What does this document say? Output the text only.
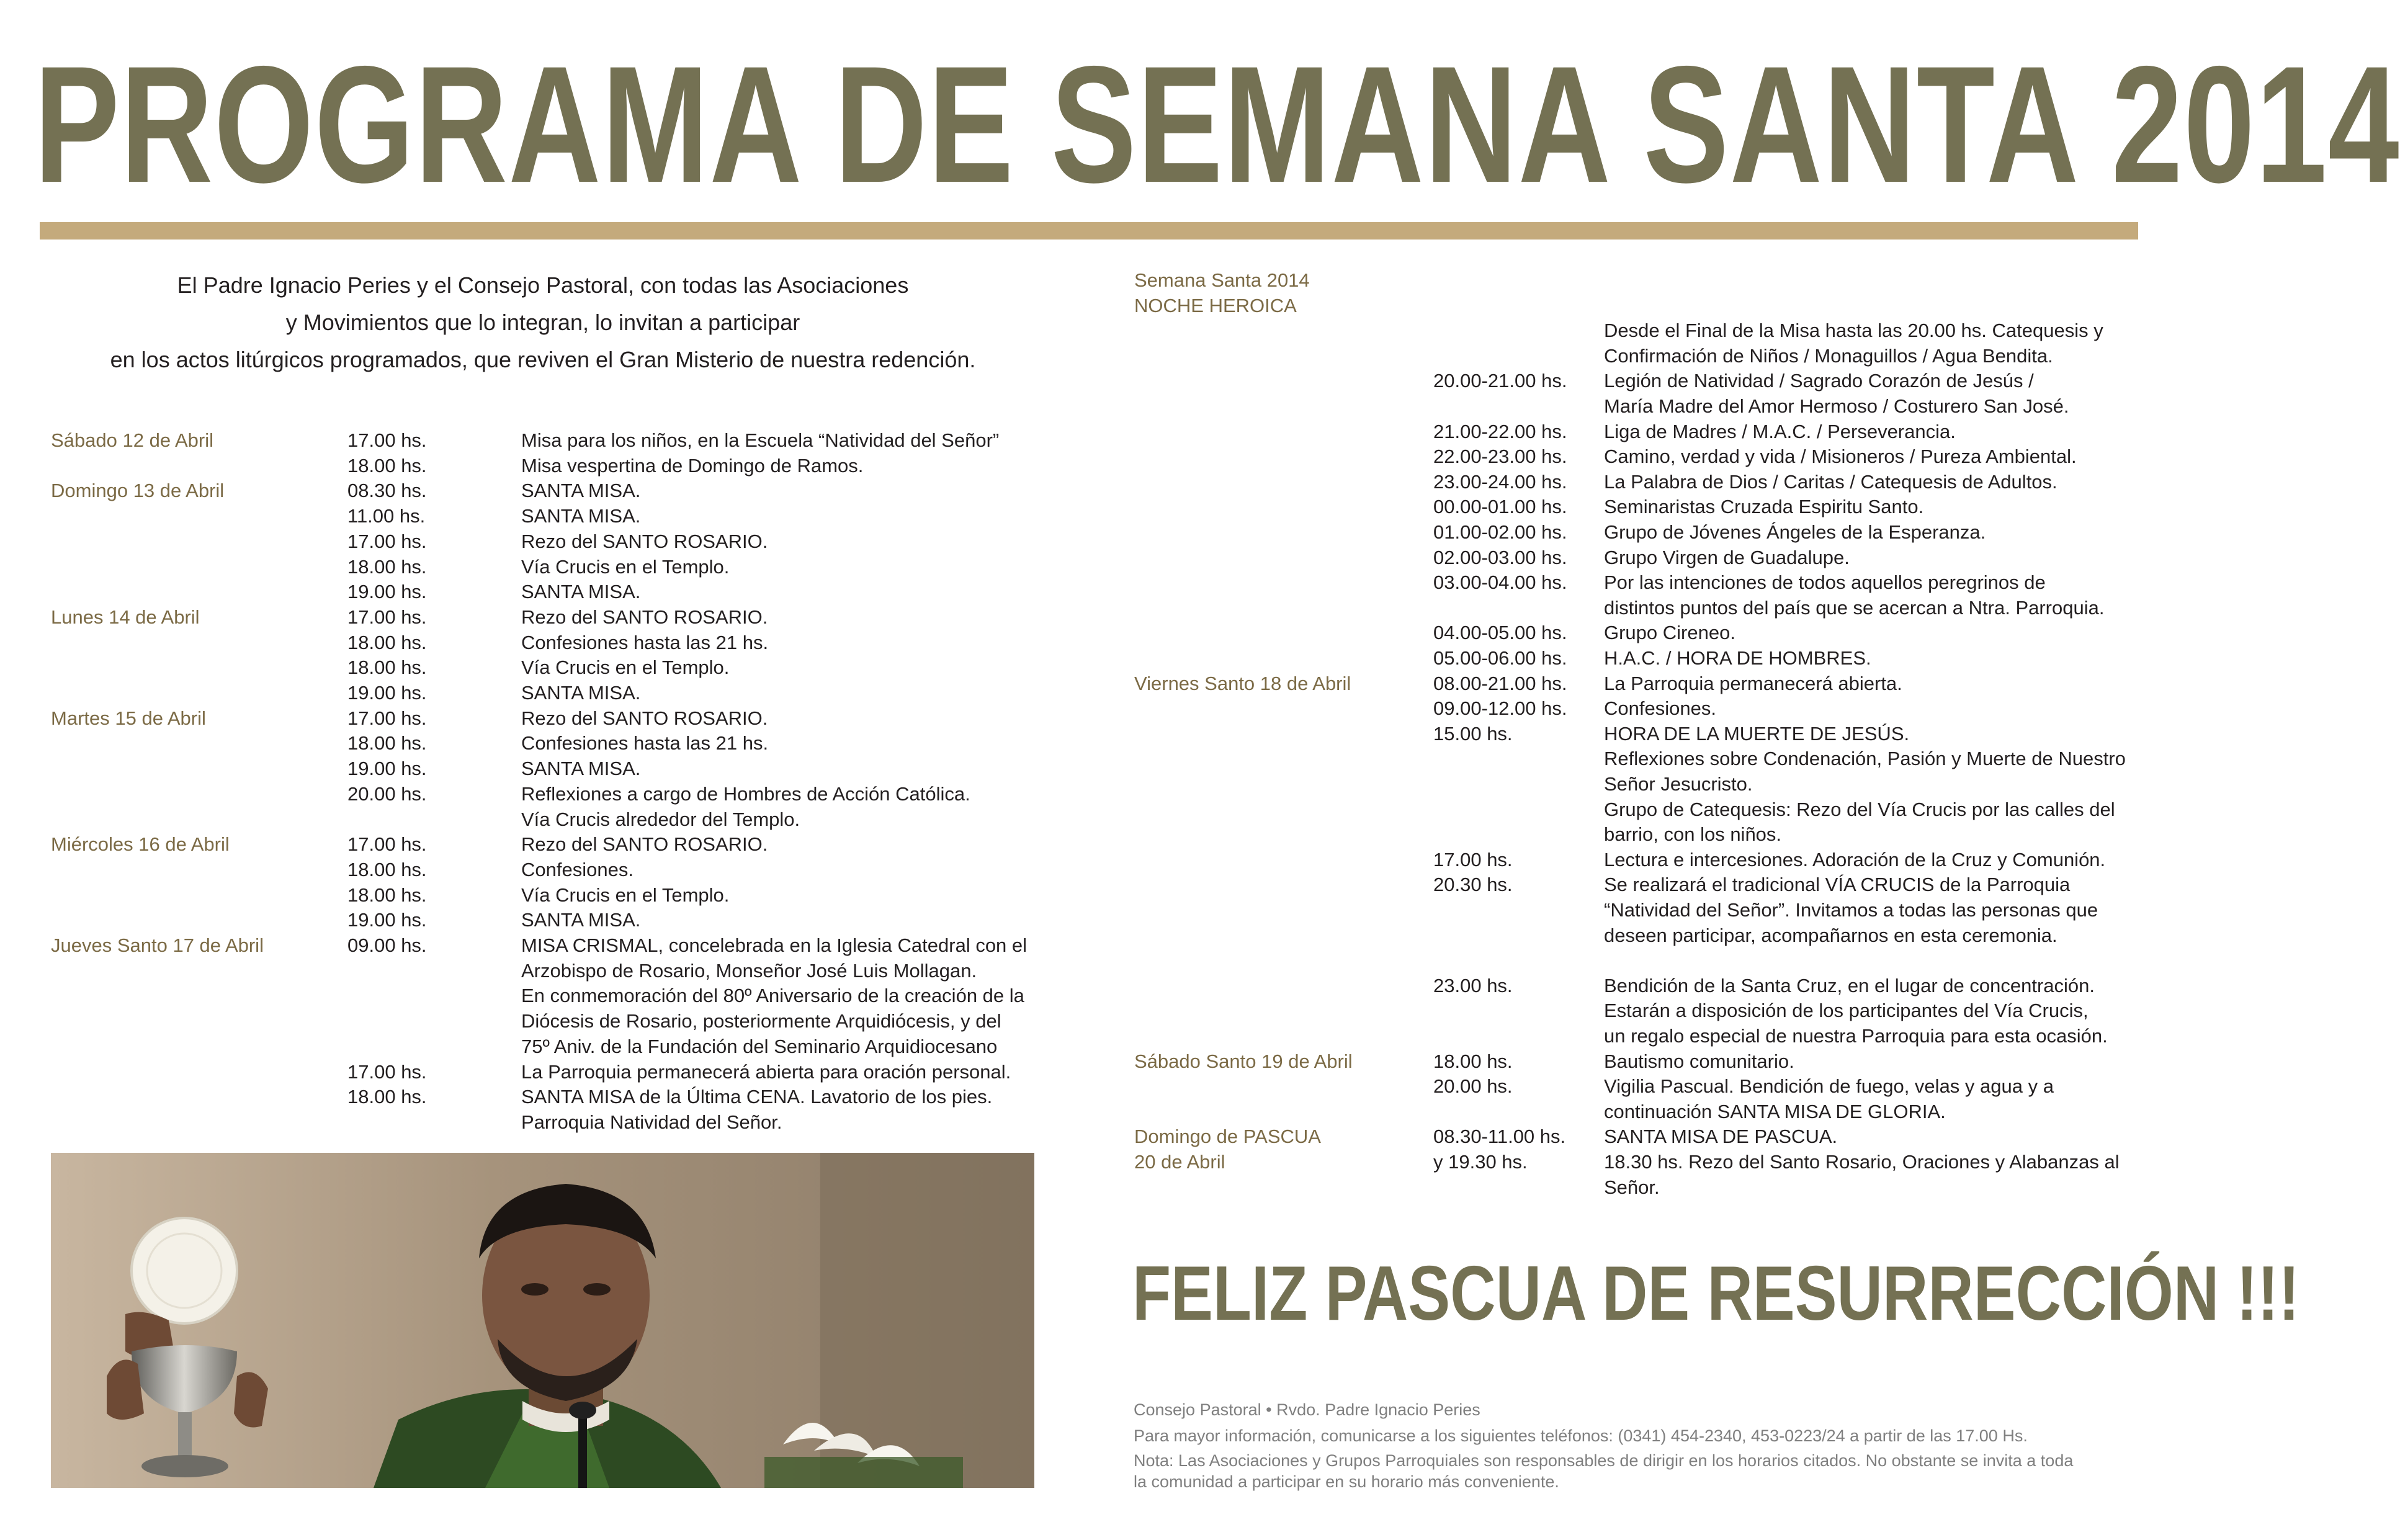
PROGRAMA DE SEMANA SANTA 2014
El Padre Ignacio Peries y el Consejo Pastoral, con todas las Asociaciones
y Movimientos que lo integran, lo invitan a participar
en los actos litúrgicos programados, que reviven el Gran Misterio de nuestra redención.
Sábado 12 de Abril	17.00 hs.	Misa para los niños, en la Escuela “Natividad del Señor”
18.00 hs.	Misa vespertina de Domingo de Ramos.
Domingo 13 de Abril	08.30 hs.	SANTA MISA.
11.00 hs.	SANTA MISA.
17.00 hs.	Rezo del SANTO ROSARIO.
18.00 hs.	Vía Crucis en el Templo.
19.00 hs.	SANTA MISA.
Lunes 14 de Abril	17.00 hs.	Rezo del SANTO ROSARIO.
18.00 hs.	Confesiones hasta las 21 hs.
18.00 hs.	Vía Crucis en el Templo.
19.00 hs.	SANTA MISA.
Martes 15 de Abril	17.00 hs.	Rezo del SANTO ROSARIO.
18.00 hs.	Confesiones hasta las 21 hs.
19.00 hs.	SANTA MISA.
20.00 hs.	Reflexiones a cargo de Hombres de Acción Católica.
Vía Crucis alrededor del Templo.
Miércoles 16 de Abril	17.00 hs.	Rezo del SANTO ROSARIO.
18.00 hs.	Confesiones.
18.00 hs.	Vía Crucis en el Templo.
19.00 hs.	SANTA MISA.
Jueves Santo 17 de Abril	09.00 hs.	MISA CRISMAL, concelebrada en la Iglesia Catedral con el
Arzobispo de Rosario, Monseñor José Luis Mollagan.
En conmemoración del 80º Aniversario de la creación de la
Diócesis de Rosario, posteriormente Arquidiócesis, y del
75º Aniv. de la Fundación del Seminario Arquidiocesano
17.00 hs.	La Parroquia permanecerá abierta para oración personal.
18.00 hs.	SANTA MISA de la Última CENA. Lavatorio de los pies.
Parroquia Natividad del Señor.
Semana Santa 2014
NOCHE HEROICA
Desde el Final de la Misa hasta las 20.00 hs. Catequesis y
Confirmación de Niños / Monaguillos / Agua Bendita.
20.00-21.00 hs. Legión de Natividad / Sagrado Corazón de Jesús /
María Madre del Amor Hermoso / Costurero San José.
21.00-22.00 hs. Liga de Madres / M.A.C. / Perseverancia.
22.00-23.00 hs. Camino, verdad y vida / Misioneros / Pureza Ambiental.
23.00-24.00 hs. La Palabra de Dios / Caritas / Catequesis de Adultos.
00.00-01.00 hs. Seminaristas Cruzada Espiritu Santo.
01.00-02.00 hs. Grupo de Jóvenes Ángeles de la Esperanza.
02.00-03.00 hs. Grupo Virgen de Guadalupe.
03.00-04.00 hs. Por las intenciones de todos aquellos peregrinos de
distintos puntos del país que se acercan a Ntra. Parroquia.
04.00-05.00 hs. Grupo Cireneo.
05.00-06.00 hs. H.A.C. / HORA DE HOMBRES.
Viernes Santo 18 de Abril	08.00-21.00 hs. La Parroquia permanecerá abierta.
09.00-12.00 hs. Confesiones.
15.00 hs.	HORA DE LA MUERTE DE JESÚS.
Reflexiones sobre Condenación, Pasión y Muerte de Nuestro
Señor Jesucristo.
Grupo de Catequesis: Rezo del Vía Crucis por las calles del
barrio, con los niños.
17.00 hs.	Lectura e intercesiones. Adoración de la Cruz y Comunión.
20.30 hs.	Se realizará el tradicional VÍA CRUCIS de la Parroquia
“Natividad del Señor”. Invitamos a todas las personas que
deseen participar, acompañarnos en esta ceremonia.
23.00 hs.	Bendición de la Santa Cruz, en el lugar de concentración.
Estarán a disposición de los participantes del Vía Crucis,
un regalo especial de nuestra Parroquia para esta ocasión.
Sábado Santo 19 de Abril	18.00 hs.	Bautismo comunitario.
20.00 hs.	Vigilia Pascual. Bendición de fuego, velas y agua y a
continuación SANTA MISA DE GLORIA.
Domingo de PASCUA	08.30-11.00 hs. SANTA MISA DE PASCUA.
20 de Abril	y 19.30 hs.	18.30 hs. Rezo del Santo Rosario, Oraciones y Alabanzas al
Señor.
FELIZ PASCUA DE RESURRECCIÓN !!!
Consejo Pastoral • Rvdo. Padre Ignacio Peries
Para mayor información, comunicarse a los siguientes teléfonos: (0341) 454-2340, 453-0223/24 a partir de las 17.00 Hs.
Nota: Las Asociaciones y Grupos Parroquiales son responsables de dirigir en los horarios citados. No obstante se invita a toda
la comunidad a participar en su horario más conveniente.
